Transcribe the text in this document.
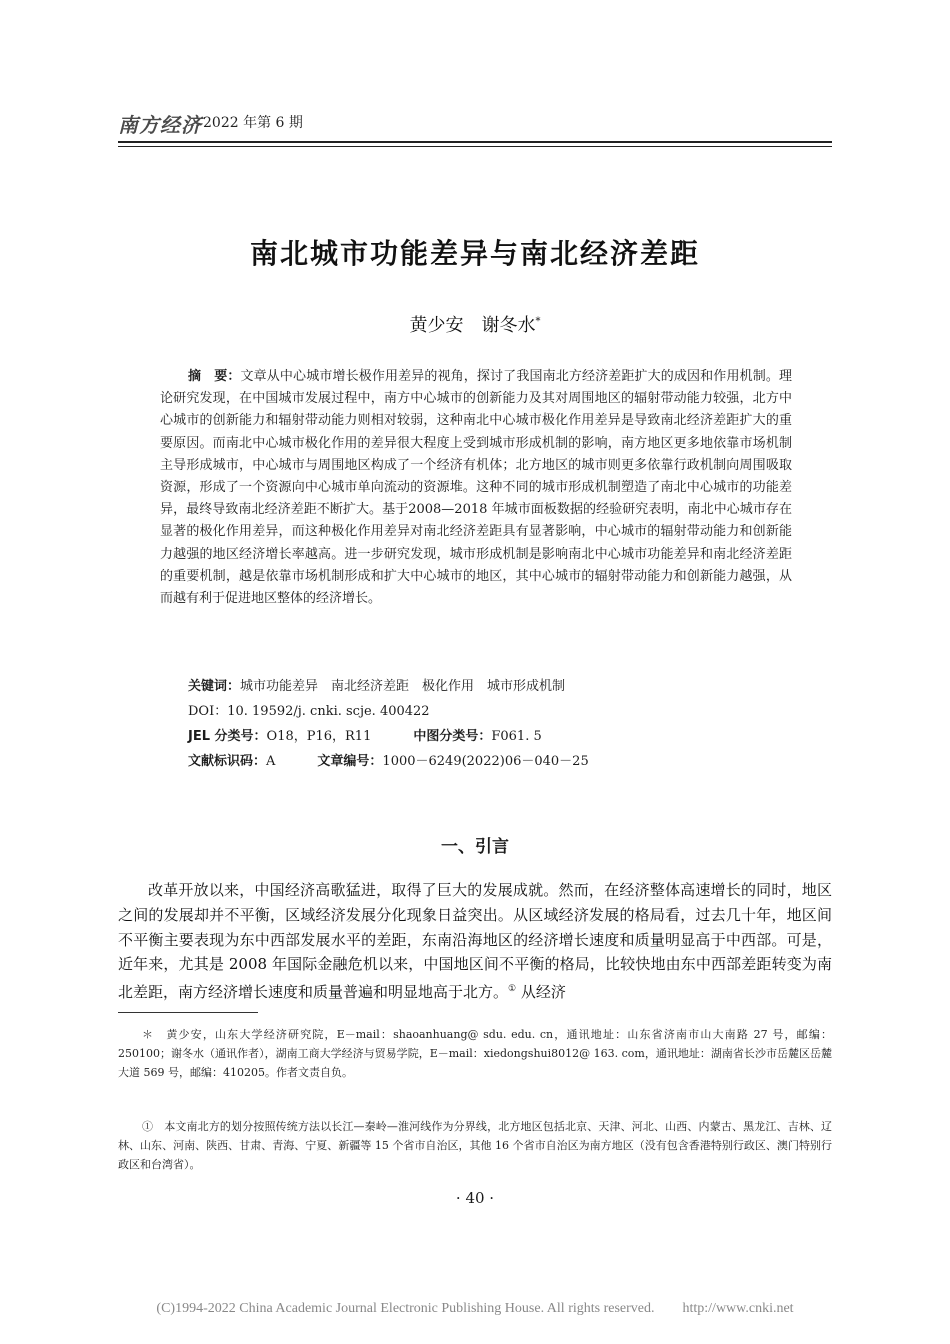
南方经济 2022 年第 6 期
南北城市功能差异与南北经济差距
黄少安　谢冬水*

摘　要：文章从中心城市增长极作用差异的视角，探讨了我国南北方经济差距扩大的成因和作用机制。理论研究发现，在中国城市发展过程中，南方中心城市的创新能力及其对周围地区的辐射带动能力较强，北方中心城市的创新能力和辐射带动能力则相对较弱，这种南北中心城市极化作用差异是导致南北经济差距扩大的重要原因。而南北中心城市极化作用的差异很大程度上受到城市形成机制的影响，南方地区更多地依靠市场机制主导形成城市，中心城市与周围地区构成了一个经济有机体；北方地区的城市则更多依靠行政机制向周围吸取资源，形成了一个资源向中心城市单向流动的资源堆。这种不同的城市形成机制塑造了南北中心城市的功能差异，最终导致南北经济差距不断扩大。基于2008—2018 年城市面板数据的经验研究表明，南北中心城市存在显著的极化作用差异，而这种极化作用差异对南北经济差距具有显著影响，中心城市的辐射带动能力和创新能力越强的地区经济增长率越高。进一步研究发现，城市形成机制是影响南北中心城市功能差异和南北经济差距的重要机制，越是依靠市场机制形成和扩大中心城市的地区，其中心城市的辐射带动能力和创新能力越强，从而越有利于促进地区整体的经济增长。

关键词：城市功能差异　南北经济差距　极化作用　城市形成机制
DOI：10. 19592/j. cnki. scje. 400422
JEL 分类号：O18，P16，R11	中图分类号：F061. 5
文献标识码：A	文章编号：1000－6249(2022)06－040－25
一、引言

改革开放以来，中国经济高歌猛进，取得了巨大的发展成就。然而，在经济整体高速增长的同时，地区之间的发展却并不平衡，区域经济发展分化现象日益突出。从区域经济发展的格局看，过去几十年，地区间不平衡主要表现为东中西部发展水平的差距，东南沿海地区的经济增长速度和质量明显高于中西部。可是，近年来，尤其是 2008 年国际金融危机以来，中国地区间不平衡的格局，比较快地由东中西部差距转变为南北差距，南方经济增长速度和质量普遍和明显地高于北方。① 从经济

＊　黄少安，山东大学经济研究院，E－mail：shaoanhuang@ sdu. edu. cn，通讯地址：山东省济南市山大南路 27 号，邮编：250100；谢冬水（通讯作者），湖南工商大学经济与贸易学院，E－mail：xiedongshui8012@ 163. com，通讯地址：湖南省长沙市岳麓区岳麓大道 569 号，邮编：410205。作者文责自负。

①　本文南北方的划分按照传统方法以长江—秦岭—淮河线作为分界线，北方地区包括北京、天津、河北、山西、内蒙古、黑龙江、吉林、辽林、山东、河南、陕西、甘肃、青海、宁夏、新疆等 15 个省市自治区，其他 16 个省市自治区为南方地区（没有包含香港特别行政区、澳门特别行政区和台湾省）。

· 40 ·
(C)1994-2022 China Academic Journal Electronic Publishing House. All rights reserved.　　http://www.cnki.net
